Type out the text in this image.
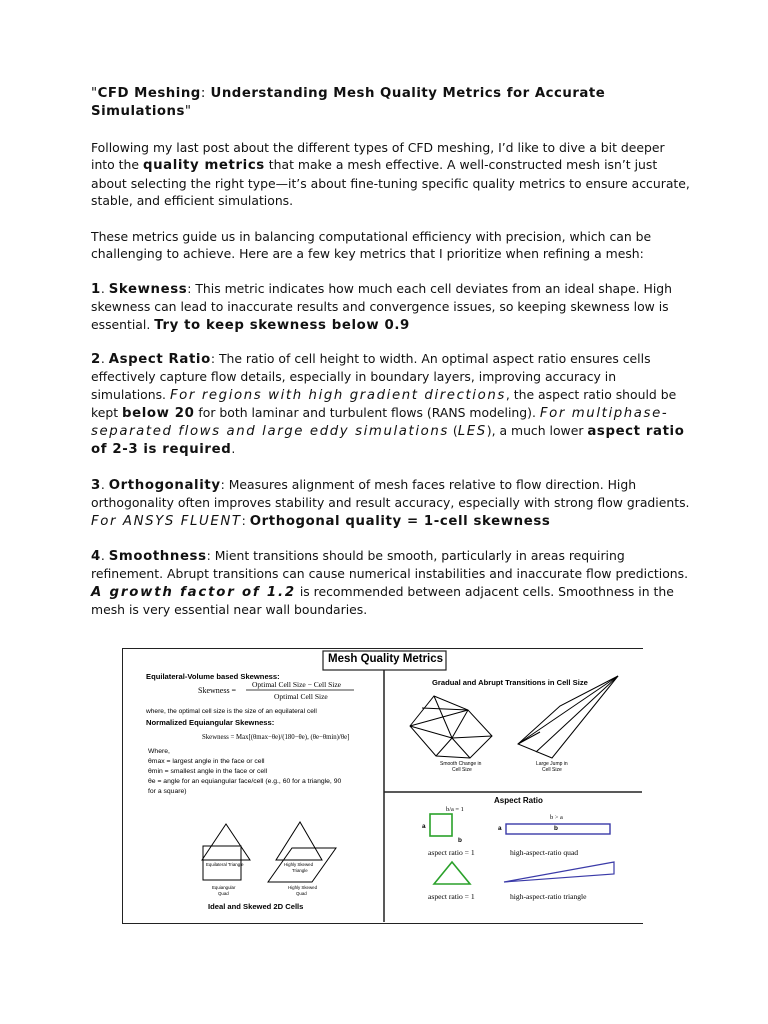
"CFD Meshing: Understanding Mesh Quality Metrics for Accurate Simulations"

Following my last post about the different types of CFD meshing, I’d like to dive a bit deeper into the quality metrics that make a mesh effective. A well-constructed mesh isn’t just about selecting the right type—it’s about fine-tuning specific quality metrics to ensure accurate, stable, and efficient simulations.

These metrics guide us in balancing computational efficiency with precision, which can be challenging to achieve. Here are a few key metrics that I prioritize when refining a mesh:

1. Skewness: This metric indicates how much each cell deviates from an ideal shape. High skewness can lead to inaccurate results and convergence issues, so keeping skewness low is essential. Try to keep skewness below 0.9

2. Aspect Ratio: The ratio of cell height to width. An optimal aspect ratio ensures cells effectively capture flow details, especially in boundary layers, improving accuracy in simulations. For regions with high gradient directions, the aspect ratio should be kept below 20 for both laminar and turbulent flows (RANS modeling). For multiphase-separated flows and large eddy simulations (LES), a much lower aspect ratio of 2-3 is required.

3. Orthogonality: Measures alignment of mesh faces relative to flow direction. High orthogonality often improves stability and result accuracy, especially with strong flow gradients. For ANSYS FLUENT: Orthogonal quality = 1-cell skewness

4. Smoothness: Mient transitions should be smooth, particularly in areas requiring refinement. Abrupt transitions can cause numerical instabilities and inaccurate flow predictions. A growth factor of 1.2 is recommended between adjacent cells. Smoothness in the mesh is very essential near wall boundaries.

Mesh Quality Metrics
Equilateral-Volume based Skewness:
Skewness =
Optimal Cell Size − Cell Size
Optimal Cell Size
where, the optimal cell size is the size of an equilateral cell
Normalized Equiangular Skewness:
Skewness = Max[(θmax−θe)/(180−θe), (θe−θmin)/θe]
Where,
θmax = largest angle in the face or cell
θmin = smallest angle in the face or cell
θe = angle for an equiangular face/cell (e.g., 60 for a triangle, 90
for a square)
Equilateral Triangle	Highly Skewed
Triangle
Equiangular
Quad
Highly Skewed
Quad
Ideal and Skewed 2D Cells
Gradual and Abrupt Transitions in Cell Size
Smooth Change in
Cell Size
Large Jump in
Cell Size
Aspect Ratio
b/a = 1
b > a
a
b
a	b
aspect ratio = 1	high-aspect-ratio quad
aspect ratio = 1	high-aspect-ratio triangle
